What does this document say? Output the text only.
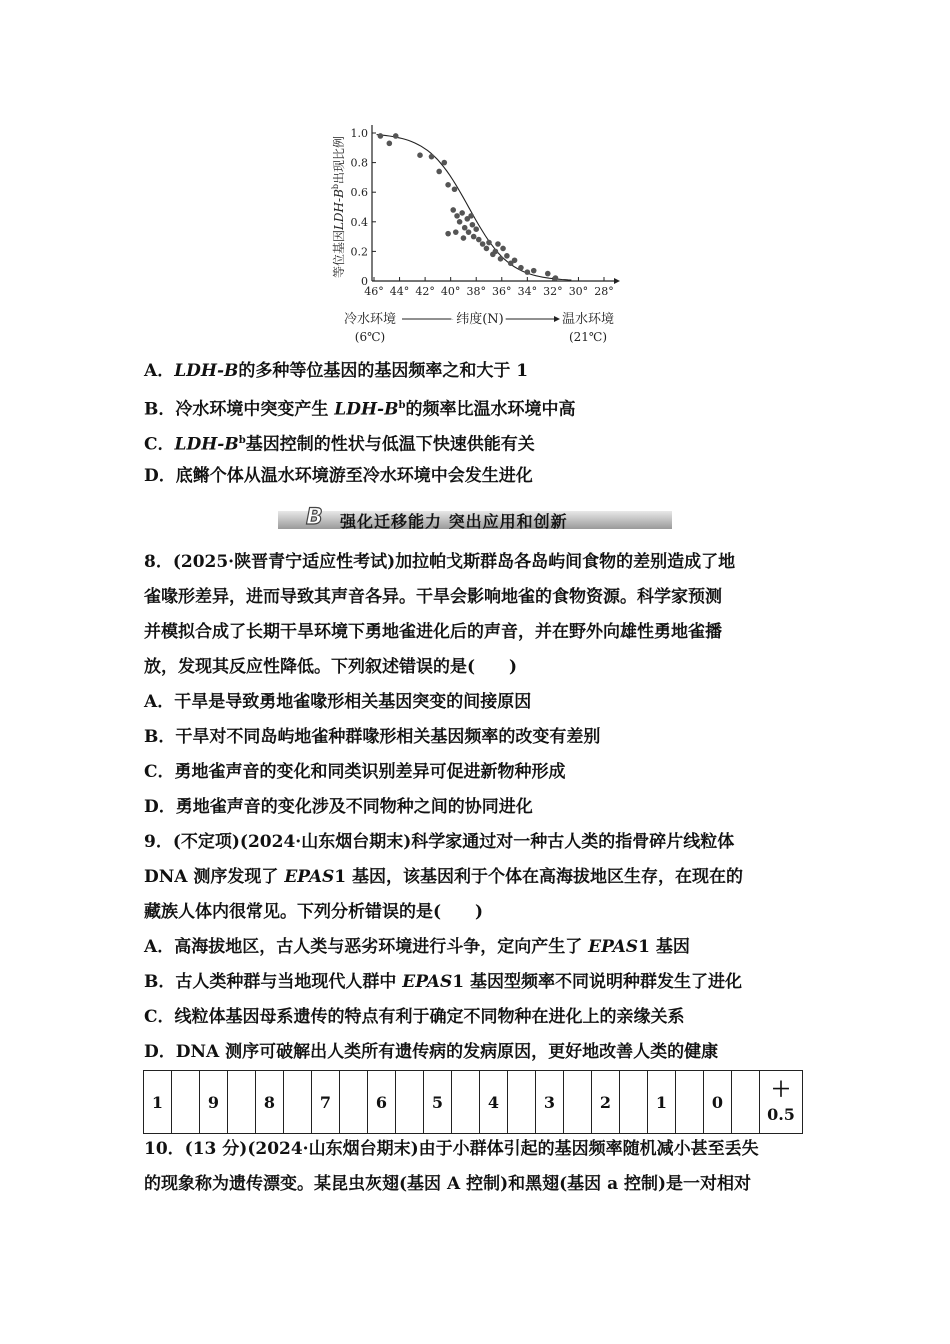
0
0.2
0.4
0.6
0.8
1.0
46° 44° 42° 40° 38° 36° 34° 32° 30° 28°
等位基因LDH-$B^b$出现比例
冷水环境
(6℃)
纬度(N)	温水环境
(21℃)
A．LDH-B的多种等位基因的基因频率之和大于 1
B．冷水环境中突变产生 LDH-$B^b$的频率比温水环境中高
C．LDH-$B^b$基因控制的性状与低温下快速供能有关
D．底鳉个体从温水环境游至冷水环境中会发生进化
B	强化迁移能力 突出应用和创新
8．(2025·陕晋青宁适应性考试)加拉帕戈斯群岛各岛屿间食物的差别造成了地
雀喙形差异，进而导致其声音各异。干旱会影响地雀的食物资源。科学家预测
并模拟合成了长期干旱环境下勇地雀进化后的声音，并在野外向雄性勇地雀播
放，发现其反应性降低。下列叙述错误的是(　　)
A．干旱是导致勇地雀喙形相关基因突变的间接原因
B．干旱对不同岛屿地雀种群喙形相关基因频率的改变有差别
C．勇地雀声音的变化和同类识别差异可促进新物种形成
D．勇地雀声音的变化涉及不同物种之间的协同进化
9．(不定项)(2024·山东烟台期末)科学家通过对一种古人类的指骨碎片线粒体
DNA 测序发现了 EPAS1 基因，该基因利于个体在高海拔地区生存，在现在的
藏族人体内很常见。下列分析错误的是(　　)
A．高海拔地区，古人类与恶劣环境进行斗争，定向产生了 EPAS1 基因
B．古人类种群与当地现代人群中 EPAS1 基因型频率不同说明种群发生了进化
C．线粒体基因母系遗传的特点有利于确定不同物种在进化上的亲缘关系
D．DNA 测序可破解出人类所有遗传病的发病原因，更好地改善人类的健康
1		9		8		7		6		5		4		3		2		1		0		
＋
0.5
10．(13 分)(2024·山东烟台期末)由于小群体引起的基因频率随机减小甚至丢失
的现象称为遗传漂变。某昆虫灰翅(基因 A 控制)和黑翅(基因 a 控制)是一对相对
